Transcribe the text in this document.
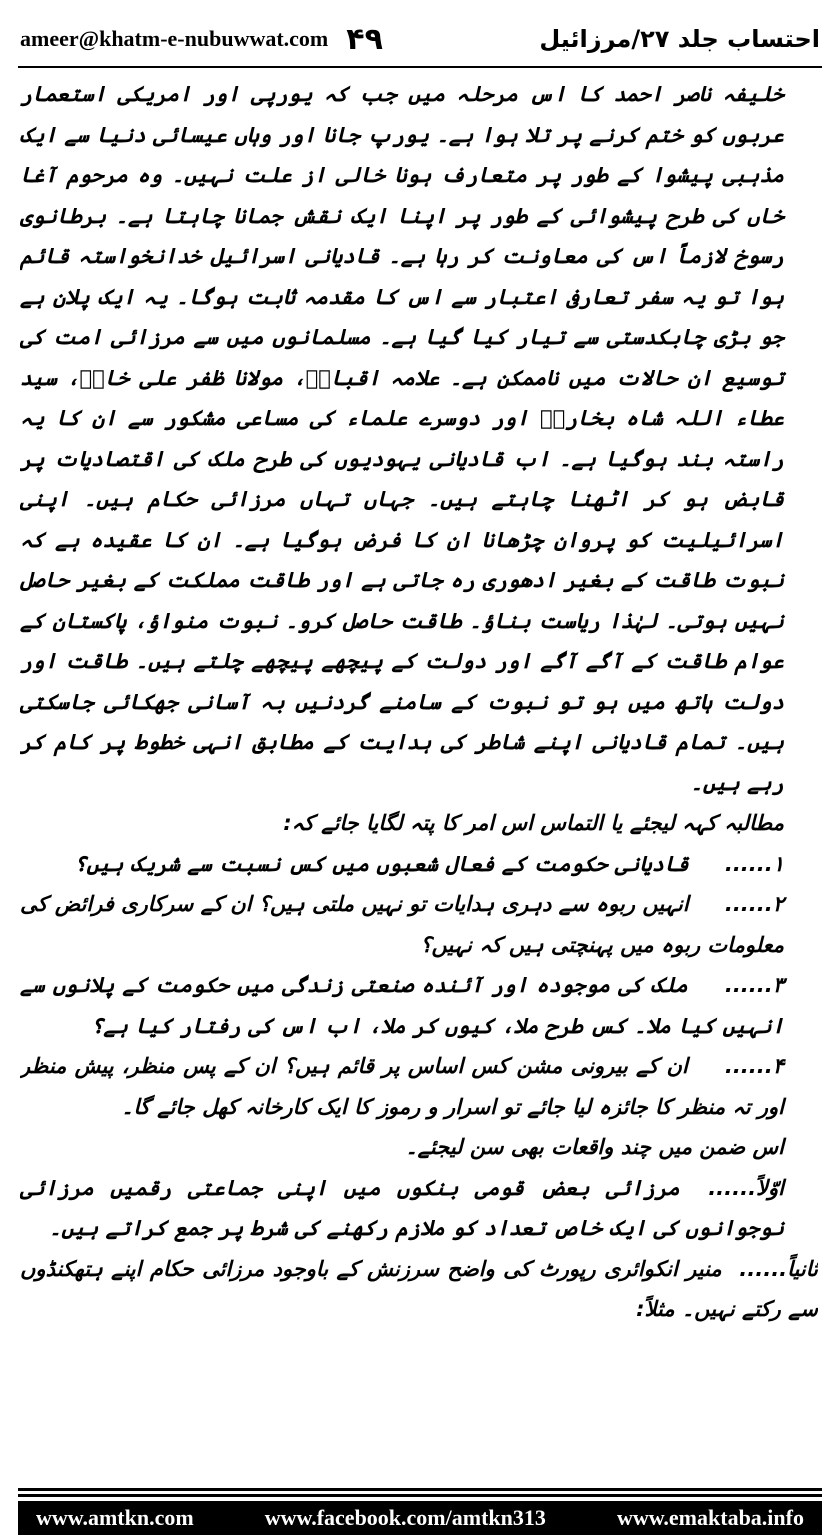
ameer@khatm-e-nubuwwat.com ۴۹	احتساب جلد ۲۷/مرزائیل

خلیفہ ناصر احمد کا اس مرحلہ میں جب کہ یورپی اور امریکی استعمار عربوں کو ختم کرنے پر تلا ہوا ہے۔ یورپ جانا اور وہاں عیسائی دنیا سے ایک مذہبی پیشوا کے طور پر متعارف ہونا خالی از علت نہیں۔ وہ مرحوم آغا خاں کی طرح پیشوائی کے طور پر اپنا ایک نقش جمانا چاہتا ہے۔ برطانوی رسوخ لازماً اس کی معاونت کر رہا ہے۔ قادیانی اسرائیل خدانخواستہ قائم ہوا تو یہ سفر تعارفی اعتبار سے اس کا مقدمہ ثابت ہوگا۔ یہ ایک پلان ہے جو بڑی چابکدستی سے تیار کیا گیا ہے۔ مسلمانوں میں سے مرزائی امت کی توسیع ان حالات میں ناممکن ہے۔ علامہ اقبالؒ، مولانا ظفر علی خانؒ، سید عطاء اللہ شاہ بخاریؒ اور دوسرے علماء کی مساعی مشکور سے ان کا یہ راستہ بند ہوگیا ہے۔ اب قادیانی یہودیوں کی طرح ملک کی اقتصادیات پر قابض ہو کر اٹھنا چاہتے ہیں۔ جہاں تہاں مرزائی حکام ہیں۔ اپنی اسرائیلیت کو پروان چڑھانا ان کا فرض ہوگیا ہے۔ ان کا عقیدہ ہے کہ نبوت طاقت کے بغیر ادھوری رہ جاتی ہے اور طاقت مملکت کے بغیر حاصل نہیں ہوتی۔ لہٰذا ریاست بناؤ۔ طاقت حاصل کرو۔ نبوت منواؤ، پاکستان کے عوام طاقت کے آگے آگے اور دولت کے پیچھے پیچھے چلتے ہیں۔ طاقت اور دولت ہاتھ میں ہو تو نبوت کے سامنے گردنیں بہ آسانی جھکائی جاسکتی ہیں۔ تمام قادیانی اپنے شاطر کی ہدایت کے مطابق انہی خطوط پر کام کر رہے ہیں۔

مطالبہ کہہ لیجئے یا التماس اس امر کا پتہ لگایا جائے کہ:

۱...... قادیانی حکومت کے فعال شعبوں میں کس نسبت سے شریک ہیں؟

۲...... انہیں ربوہ سے دہری ہدایات تو نہیں ملتی ہیں؟ ان کے سرکاری فرائض کی معلومات ربوہ میں پہنچتی ہیں کہ نہیں؟

۳...... ملک کی موجودہ اور آئندہ صنعتی زندگی میں حکومت کے پلانوں سے انہیں کیا ملا۔ کس طرح ملا، کیوں کر ملا، اب اس کی رفتار کیا ہے؟

۴...... ان کے بیرونی مشن کس اساس پر قائم ہیں؟ ان کے پس منظر، پیش منظر اور تہ منظر کا جائزہ لیا جائے تو اسرار و رموز کا ایک کارخانہ کھل جائے گا۔

اس ضمن میں چند واقعات بھی سن لیجئے۔

اوّلاً...... مرزائی بعض قومی بنکوں میں اپنی جماعتی رقمیں مرزائی نوجوانوں کی ایک خاص تعداد کو ملازم رکھنے کی شرط پر جمع کراتے ہیں۔

ثانیاً...... منیر انکوائری رپورٹ کی واضح سرزنش کے باوجود مرزائی حکام اپنے ہتھکنڈوں سے رکتے نہیں۔ مثلاً:

www.amtkn.com	www.facebook.com/amtkn313	www.emaktaba.info
